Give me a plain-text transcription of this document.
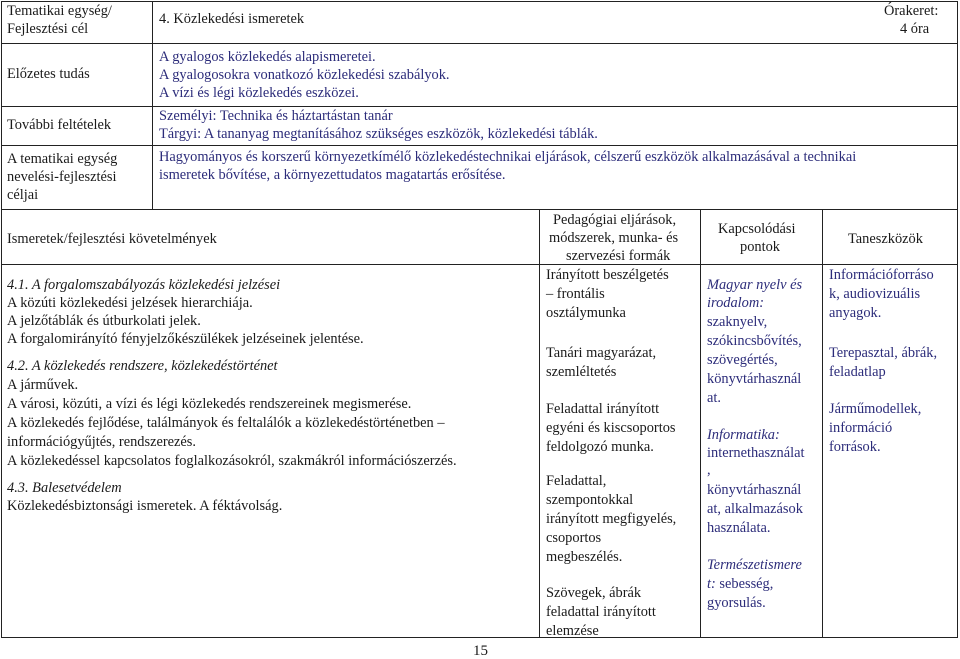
Tematikai egység/
Fejlesztési cél
4. Közlekedési ismeretek	Órakeret:
4 óra
Előzetes tudás
A gyalogos közlekedés alapismeretei.
A gyalogosokra vonatkozó közlekedési szabályok.
A vízi és légi közlekedés eszközei.
További feltételek
Személyi: Technika és háztartástan tanár
Tárgyi: A tananyag megtanításához szükséges eszközök, közlekedési táblák.
A tematikai egység
nevelési-fejlesztési
céljai
Hagyományos és korszerű környezetkímélő közlekedéstechnikai eljárások, célszerű eszközök alkalmazásával a technikai
ismeretek bővítése, a környezettudatos magatartás erősítése.
Ismeretek/fejlesztési követelmények
Pedagógiai eljárások,
módszerek, munka- és
szervezési formák
Kapcsolódási
pontok	Taneszközök
4.1. A forgalomszabályozás közlekedési jelzései
A közúti közlekedési jelzések hierarchiája.
A jelzőtáblák és útburkolati jelek.
A forgalomirányító fényjelzőkészülékek jelzéseinek jelentése.
4.2. A közlekedés rendszere, közlekedéstörténet
A járművek.
A városi, közúti, a vízi és légi közlekedés rendszereinek megismerése.
A közlekedés fejlődése, találmányok és feltalálók a közlekedéstörténetben –
információgyűjtés, rendszerezés.
A közlekedéssel kapcsolatos foglalkozásokról, szakmákról információszerzés.
4.3. Balesetvédelem
Közlekedésbiztonsági ismeretek. A féktávolság.
Irányított beszélgetés
– frontális
osztálymunka
Tanári magyarázat,
szemléltetés
Feladattal irányított
egyéni és kiscsoportos
feldolgozó munka.
Feladattal,
szempontokkal
irányított megfigyelés,
csoportos
megbeszélés.
Szövegek, ábrák
feladattal irányított
elemzése
Magyar nyelv és
irodalom:
szaknyelv,
szókincsbővítés,
szövegértés,
könyvtárhasznál
at.
Informatika:
internethasználat
,
könyvtárhasznál
at, alkalmazások
használata.
Természetismere
t: sebesség,
gyorsulás.
Információforráso
k, audiovizuális
anyagok.
Terepasztal, ábrák,
feladatlap
Járműmodellek,
információ
források.
15
